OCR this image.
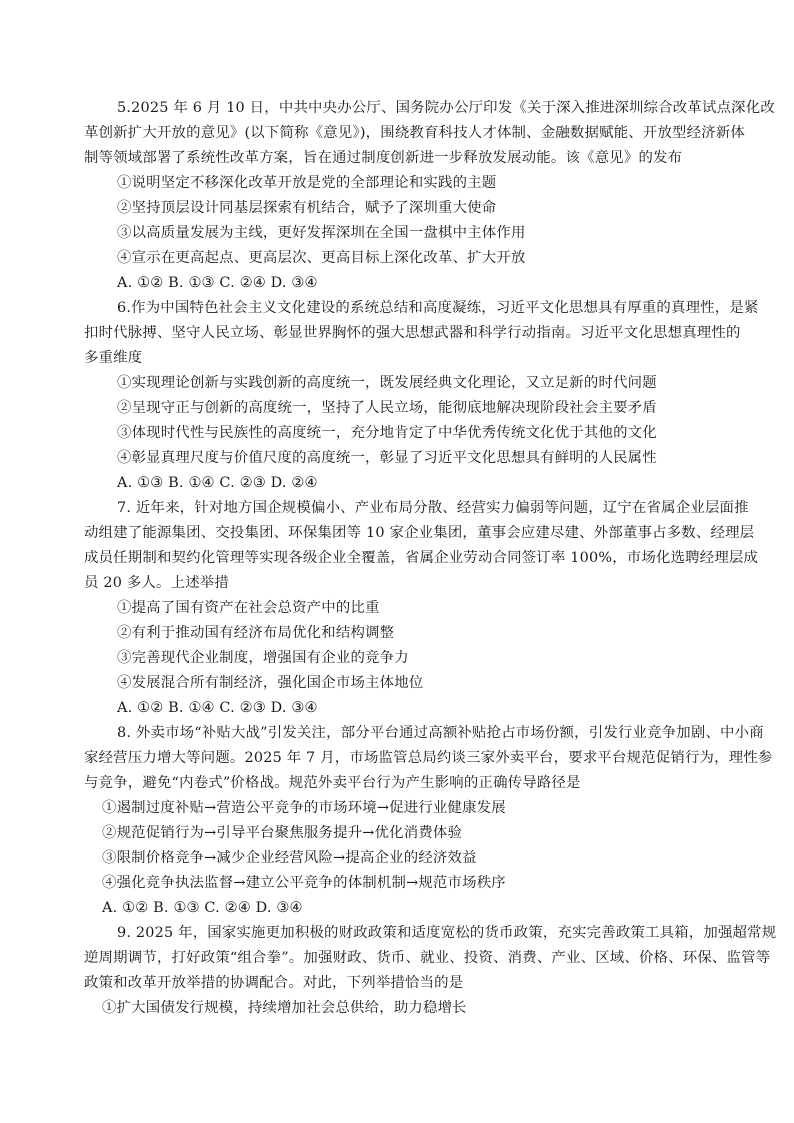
5.2025 年 6 月 10 日，中共中央办公厅、国务院办公厅印发《关于深入推进深圳综合改革试点深化改
革创新扩大开放的意见》(以下简称《意见》)，围绕教育科技人才体制、金融数据赋能、开放型经济新体
制等领域部署了系统性改革方案，旨在通过制度创新进一步释放发展动能。该《意见》的发布
①说明坚定不移深化改革开放是党的全部理论和实践的主题
②坚持顶层设计同基层探索有机结合，赋予了深圳重大使命
③以高质量发展为主线，更好发挥深圳在全国一盘棋中主体作用
④宣示在更高起点、更高层次、更高目标上深化改革、扩大开放
A. ①② B. ①③ C. ②④ D. ③④
6.作为中国特色社会主义文化建设的系统总结和高度凝练，习近平文化思想具有厚重的真理性，是紧
扣时代脉搏、坚守人民立场、彰显世界胸怀的强大思想武器和科学行动指南。习近平文化思想真理性的
多重维度
①实现理论创新与实践创新的高度统一，既发展经典文化理论，又立足新的时代问题
②呈现守正与创新的高度统一，坚持了人民立场，能彻底地解决现阶段社会主要矛盾
③体现时代性与民族性的高度统一，充分地肯定了中华优秀传统文化优于其他的文化
④彰显真理尺度与价值尺度的高度统一，彰显了习近平文化思想具有鲜明的人民属性
A. ①③ B. ①④ C. ②③ D. ②④
7. 近年来，针对地方国企规模偏小、产业布局分散、经营实力偏弱等问题，辽宁在省属企业层面推
动组建了能源集团、交投集团、环保集团等 10 家企业集团，董事会应建尽建、外部董事占多数、经理层
成员任期制和契约化管理等实现各级企业全覆盖，省属企业劳动合同签订率 100%，市场化选聘经理层成
员 20 多人。上述举措
①提高了国有资产在社会总资产中的比重
②有利于推动国有经济布局优化和结构调整
③完善现代企业制度，增强国有企业的竞争力
④发展混合所有制经济，强化国企市场主体地位
A. ①② B. ①④ C. ②③ D. ③④
8. 外卖市场“补贴大战”引发关注，部分平台通过高额补贴抢占市场份额，引发行业竞争加剧、中小商
家经营压力增大等问题。2025 年 7 月，市场监管总局约谈三家外卖平台，要求平台规范促销行为，理性参
与竞争，避免“内卷式”价格战。规范外卖平台行为产生影响的正确传导路径是
①遏制过度补贴→营造公平竞争的市场环境→促进行业健康发展
②规范促销行为→引导平台聚焦服务提升→优化消费体验
③限制价格竞争→减少企业经营风险→提高企业的经济效益
④强化竞争执法监督→建立公平竞争的体制机制→规范市场秩序
A. ①② B. ①③ C. ②④ D. ③④
9. 2025 年，国家实施更加积极的财政政策和适度宽松的货币政策，充实完善政策工具箱，加强超常规
逆周期调节，打好政策“组合拳”。加强财政、货币、就业、投资、消费、产业、区域、价格、环保、监管等
政策和改革开放举措的协调配合。对此，下列举措恰当的是
①扩大国债发行规模，持续增加社会总供给，助力稳增长
